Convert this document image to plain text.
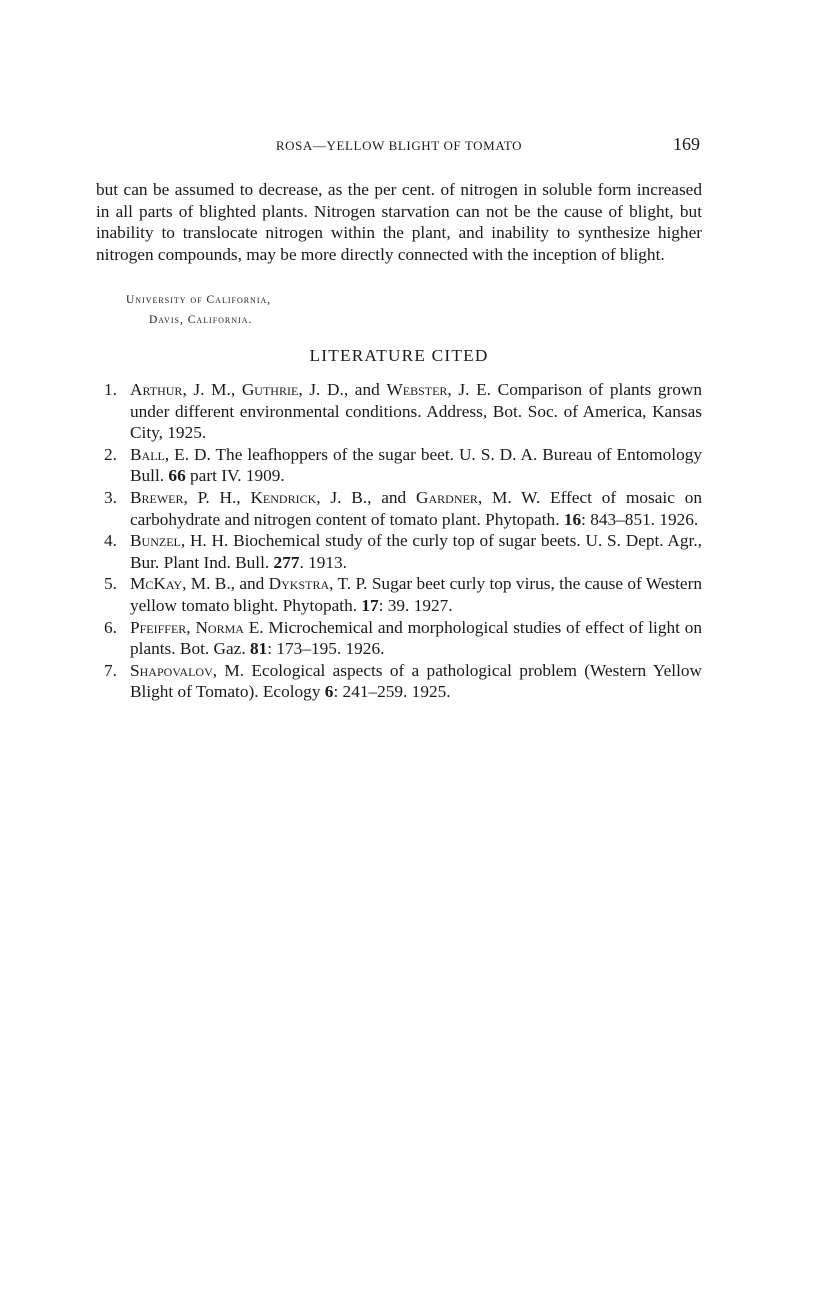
ROSA—YELLOW BLIGHT OF TOMATO	169

but can be assumed to decrease, as the per cent. of nitrogen in soluble form increased in all parts of blighted plants. Nitrogen starvation can not be the cause of blight, but inability to translocate nitrogen within the plant, and inability to synthesize higher nitrogen compounds, may be more directly connected with the inception of blight.

University of California,
Davis, California.
LITERATURE CITED
1. Arthur, J. M., Guthrie, J. D., and Webster, J. E. Comparison of plants grown under different environmental conditions. Address, Bot. Soc. of America, Kansas City, 1925.
2. Ball, E. D. The leafhoppers of the sugar beet. U. S. D. A. Bureau of Entomology Bull. 66 part IV. 1909.
3. Brewer, P. H., Kendrick, J. B., and Gardner, M. W. Effect of mosaic on carbohydrate and nitrogen content of tomato plant. Phytopath. 16: 843–851. 1926.
4. Bunzel, H. H. Biochemical study of the curly top of sugar beets. U. S. Dept. Agr., Bur. Plant Ind. Bull. 277. 1913.
5. McKay, M. B., and Dykstra, T. P. Sugar beet curly top virus, the cause of Western yellow tomato blight. Phytopath. 17: 39. 1927.
6. Pfeiffer, Norma E. Microchemical and morphological studies of effect of light on plants. Bot. Gaz. 81: 173–195. 1926.
7. Shapovalov, M. Ecological aspects of a pathological problem (Western Yellow Blight of Tomato). Ecology 6: 241–259. 1925.
